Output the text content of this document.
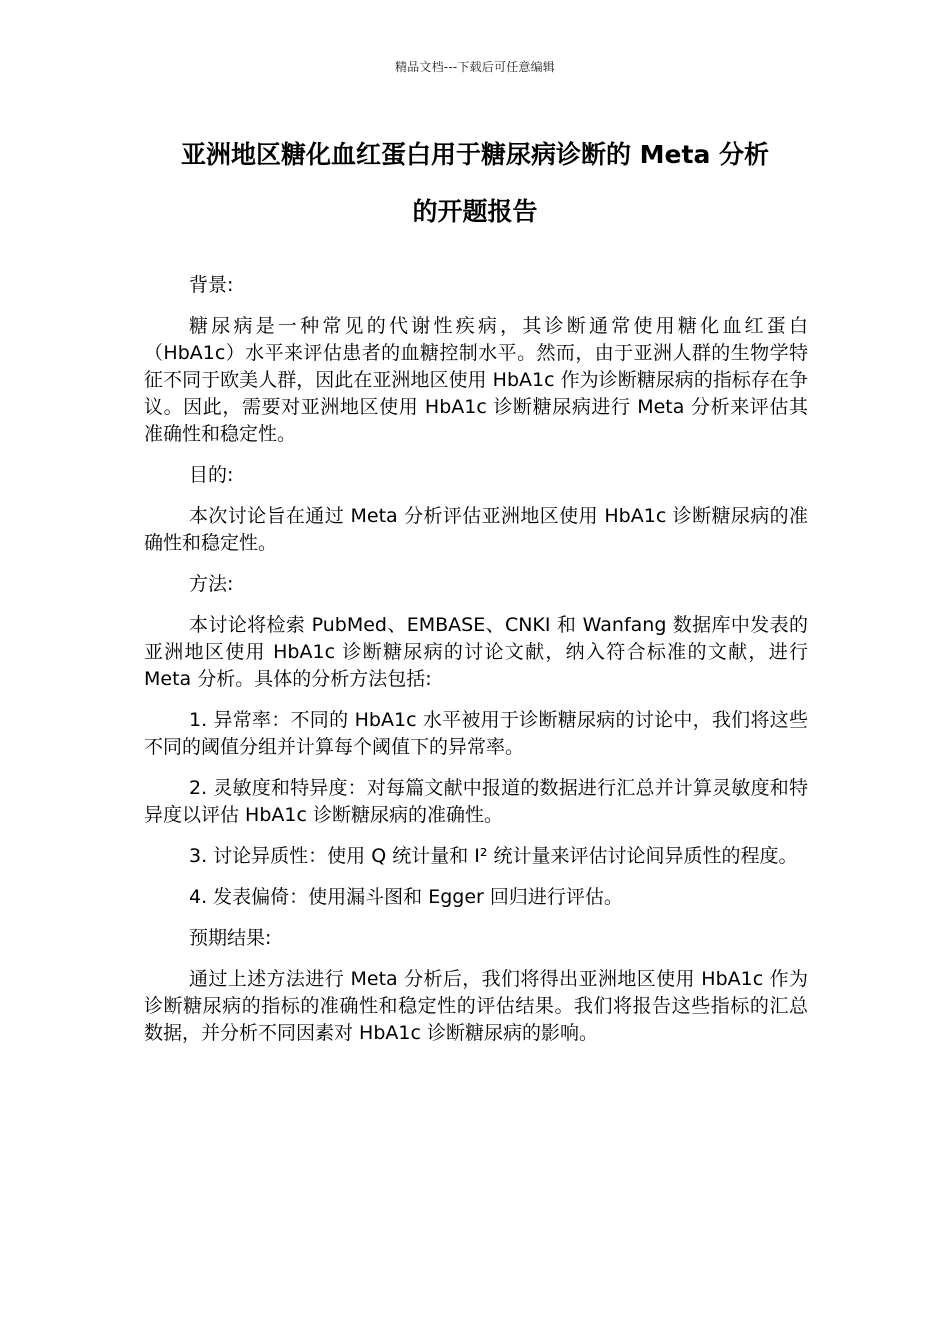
精品文档---下载后可任意编辑
亚洲地区糖化血红蛋白用于糖尿病诊断的 Meta 分析
的开题报告

背景:

糖尿病是一种常见的代谢性疾病，其诊断通常使用糖化血红蛋白（HbA1c）水平来评估患者的血糖控制水平。然而，由于亚洲人群的生物学特征不同于欧美人群，因此在亚洲地区使用 HbA1c 作为诊断糖尿病的指标存在争议。因此，需要对亚洲地区使用 HbA1c 诊断糖尿病进行 Meta 分析来评估其准确性和稳定性。

目的:

本次讨论旨在通过 Meta 分析评估亚洲地区使用 HbA1c 诊断糖尿病的准确性和稳定性。

方法:

本讨论将检索 PubMed、EMBASE、CNKI 和 Wanfang 数据库中发表的亚洲地区使用 HbA1c 诊断糖尿病的讨论文献，纳入符合标准的文献，进行 Meta 分析。具体的分析方法包括:

1. 异常率：不同的 HbA1c 水平被用于诊断糖尿病的讨论中，我们将这些不同的阈值分组并计算每个阈值下的异常率。

2. 灵敏度和特异度：对每篇文献中报道的数据进行汇总并计算灵敏度和特异度以评估 HbA1c 诊断糖尿病的准确性。

3. 讨论异质性：使用 Q 统计量和 I² 统计量来评估讨论间异质性的程度。

4. 发表偏倚：使用漏斗图和 Egger 回归进行评估。

预期结果:

通过上述方法进行 Meta 分析后，我们将得出亚洲地区使用 HbA1c 作为诊断糖尿病的指标的准确性和稳定性的评估结果。我们将报告这些指标的汇总数据，并分析不同因素对 HbA1c 诊断糖尿病的影响。
